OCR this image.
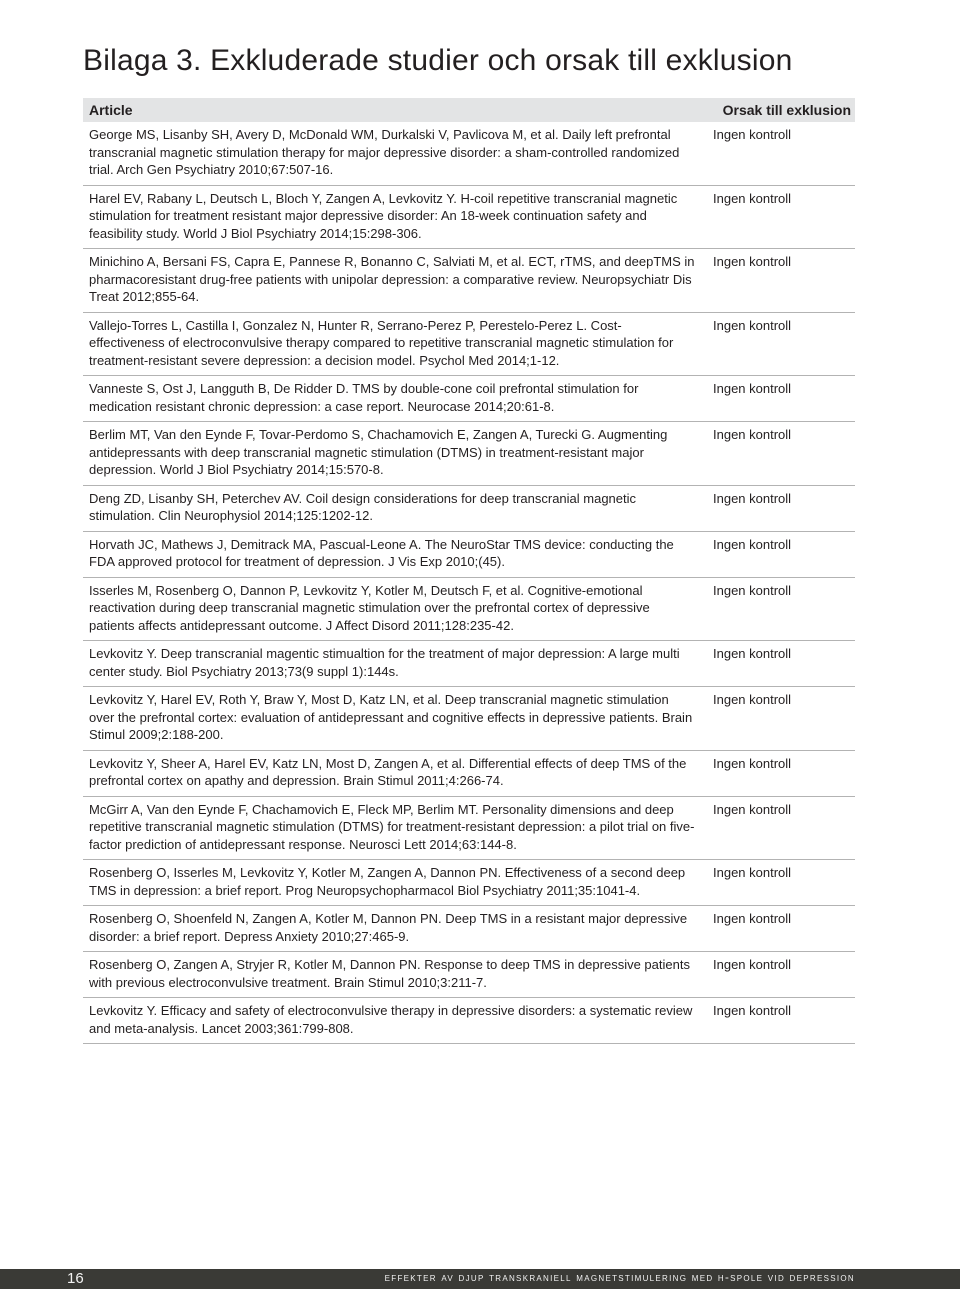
Bilaga 3. Exkluderade studier och orsak till exklusion
Article	Orsak till exklusion
George MS, Lisanby SH, Avery D, McDonald WM, Durkalski V, Pavlicova M, et al. Daily left prefrontal transcranial magnetic stimulation therapy for major depressive disorder: a sham-controlled randomized trial. Arch Gen Psychiatry 2010;67:507-16.
Ingen kontroll
Harel EV, Rabany L, Deutsch L, Bloch Y, Zangen A, Levkovitz Y. H-coil repetitive transcranial magnetic stimulation for treatment resistant major depressive disorder: An 18-week continuation safety and feasibility study. World J Biol Psychiatry 2014;15:298-306.
Ingen kontroll
Minichino A, Bersani FS, Capra E, Pannese R, Bonanno C, Salviati M, et al. ECT, rTMS, and deepTMS in pharmacoresistant drug-free patients with unipolar depression: a comparative review. Neuropsychiatr Dis Treat 2012;855-64.
Ingen kontroll
Vallejo-Torres L, Castilla I, Gonzalez N, Hunter R, Serrano-Perez P, Perestelo-Perez L. Cost-effectiveness of electroconvulsive therapy compared to repetitive transcranial magnetic stimulation for treatment-resistant severe depression: a decision model. Psychol Med 2014;1-12.
Ingen kontroll
Vanneste S, Ost J, Langguth B, De Ridder D. TMS by double-cone coil prefrontal stimulation for medication resistant chronic depression: a case report. Neurocase 2014;20:61-8.
Ingen kontroll
Berlim MT, Van den Eynde F, Tovar-Perdomo S, Chachamovich E, Zangen A, Turecki G. Augmenting antidepressants with deep transcranial magnetic stimulation (DTMS) in treatment-resistant major depression. World J Biol Psychiatry 2014;15:570-8.
Ingen kontroll
Deng ZD, Lisanby SH, Peterchev AV. Coil design considerations for deep transcranial magnetic stimulation. Clin Neurophysiol 2014;125:1202-12.
Ingen kontroll
Horvath JC, Mathews J, Demitrack MA, Pascual-Leone A. The NeuroStar TMS device: conducting the FDA approved protocol for treatment of depression. J Vis Exp 2010;(45).
Ingen kontroll
Isserles M, Rosenberg O, Dannon P, Levkovitz Y, Kotler M, Deutsch F, et al. Cognitive-emotional reactivation during deep transcranial magnetic stimulation over the prefrontal cortex of depressive patients affects antidepressant outcome. J Affect Disord 2011;128:235-42.
Ingen kontroll
Levkovitz Y. Deep transcranial magentic stimualtion for the treatment of major depression: A large multi center study. Biol Psychiatry 2013;73(9 suppl 1):144s.
Ingen kontroll
Levkovitz Y, Harel EV, Roth Y, Braw Y, Most D, Katz LN, et al. Deep transcranial magnetic stimulation over the prefrontal cortex: evaluation of antidepressant and cognitive effects in depressive patients. Brain Stimul 2009;2:188-200.
Ingen kontroll
Levkovitz Y, Sheer A, Harel EV, Katz LN, Most D, Zangen A, et al. Differential effects of deep TMS of the prefrontal cortex on apathy and depression. Brain Stimul 2011;4:266-74.
Ingen kontroll
McGirr A, Van den Eynde F, Chachamovich E, Fleck MP, Berlim MT. Personality dimensions and deep repetitive transcranial magnetic stimulation (DTMS) for treatment-resistant depression: a pilot trial on five-factor prediction of antidepressant response. Neurosci Lett 2014;63:144-8.
Ingen kontroll
Rosenberg O, Isserles M, Levkovitz Y, Kotler M, Zangen A, Dannon PN. Effectiveness of a second deep TMS in depression: a brief report. Prog Neuropsychopharmacol Biol Psychiatry 2011;35:1041-4.
Ingen kontroll
Rosenberg O, Shoenfeld N, Zangen A, Kotler M, Dannon PN. Deep TMS in a resistant major depressive disorder: a brief report. Depress Anxiety 2010;27:465-9.
Ingen kontroll
Rosenberg O, Zangen A, Stryjer R, Kotler M, Dannon PN. Response to deep TMS in depressive patients with previous electroconvulsive treatment. Brain Stimul 2010;3:211-7.
Ingen kontroll
Levkovitz Y. Efficacy and safety of electroconvulsive therapy in depressive disorders: a systematic review and meta-analysis. Lancet 2003;361:799-808.
Ingen kontroll
16	effekter av djup transkraniell magnetstimulering med h-spole vid depression
